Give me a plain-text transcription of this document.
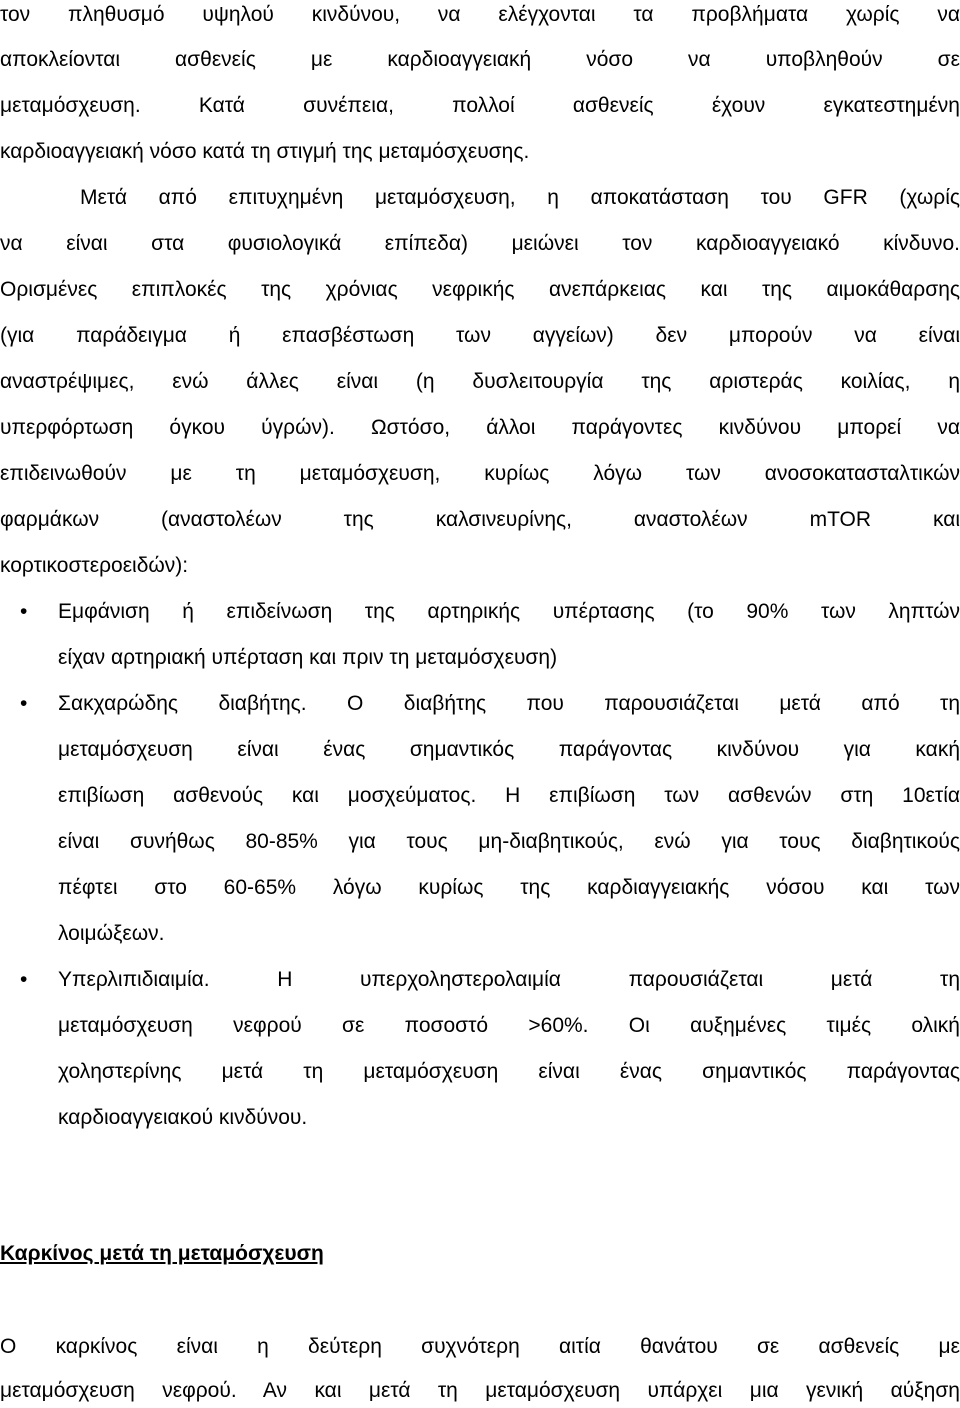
τον πληθυσμό υψηλού κινδύνου, να ελέγχονται τα προβλήματα χωρίς να
αποκλείονται ασθενείς με καρδιοαγγειακή νόσο να υποβληθούν σε
μεταμόσχευση. Κατά συνέπεια, πολλοί ασθενείς έχουν εγκατεστημένη
καρδιοαγγειακή νόσο κατά τη στιγμή της μεταμόσχευσης.
Μετά από επιτυχημένη μεταμόσχευση, η αποκατάσταση του GFR (χωρίς
να είναι στα φυσιολογικά επίπεδα) μειώνει τον καρδιοαγγειακό κίνδυνο.
Ορισμένες επιπλοκές της χρόνιας νεφρικής ανεπάρκειας και της αιμοκάθαρσης
(για παράδειγμα ή επασβέστωση των αγγείων) δεν μπορούν να είναι
αναστρέψιμες, ενώ άλλες είναι (η δυσλειτουργία της αριστεράς κοιλίας, η
υπερφόρτωση όγκου ύγρών). Ωστόσο, άλλοι παράγοντες κινδύνου μπορεί να
επιδεινωθούν με τη μεταμόσχευση, κυρίως λόγω των ανοσοκατασταλτικών
φαρμάκων (αναστολέων της καλσινευρίνης, αναστολέων mTOR και
κορτικοστεροειδών):
• Εμφάνιση ή επιδείνωση της αρτηρικής υπέρτασης (το 90% των ληπτών
είχαν αρτηριακή υπέρταση και πριν τη μεταμόσχευση)
• Σακχαρώδης διαβήτης. Ο διαβήτης που παρουσιάζεται μετά από τη
μεταμόσχευση είναι ένας σημαντικός παράγοντας κινδύνου για κακή
επιβίωση ασθενούς και μοσχεύματος. Η επιβίωση των ασθενών στη 10ετία
είναι συνήθως 80-85% για τους μη-διαβητικούς, ενώ για τους διαβητικούς
πέφτει στο 60-65% λόγω κυρίως της καρδιαγγειακής νόσου και των
λοιμώξεων.
• Υπερλιπιδιαιμία. Η υπερχοληστερολαιμία παρουσιάζεται μετά τη
μεταμόσχευση νεφρού σε ποσοστό >60%. Οι αυξημένες τιμές ολική
χοληστερίνης μετά τη μεταμόσχευση είναι ένας σημαντικός παράγοντας
καρδιοαγγειακού κινδύνου.
Καρκίνος μετά τη μεταμόσχευση
Ο καρκίνος είναι η δεύτερη συχνότερη αιτία θανάτου σε ασθενείς με
μεταμόσχευση νεφρού. Αν και μετά τη μεταμόσχευση υπάρχει μια γενική αύξηση
